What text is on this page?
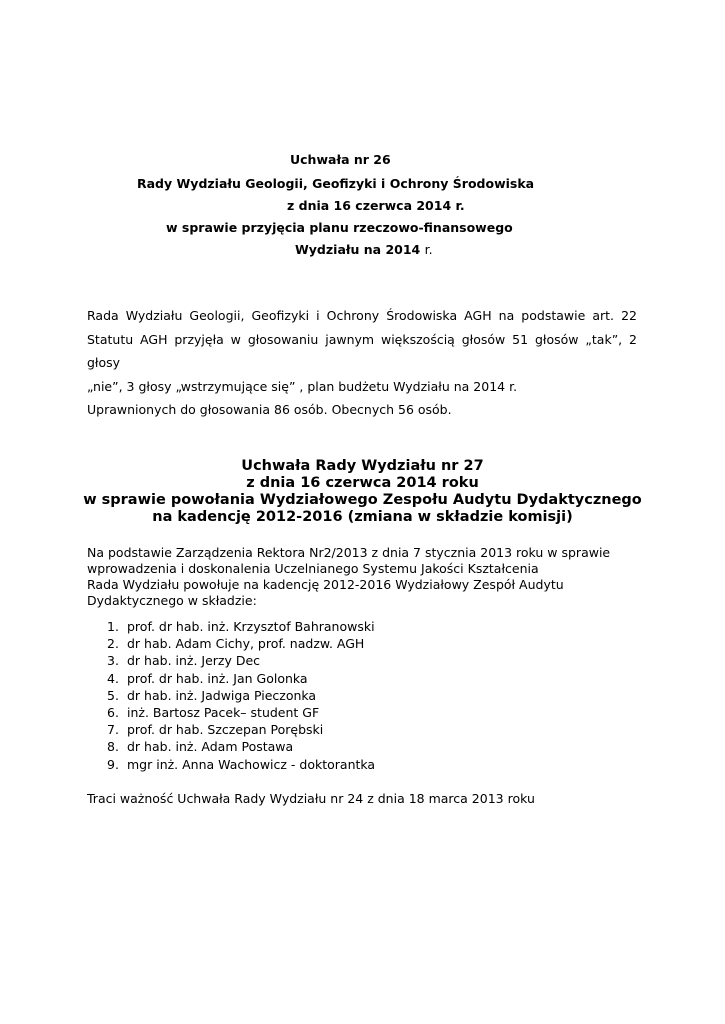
Uchwała nr 26
Rady Wydziału Geologii, Geofizyki i Ochrony Środowiska
z dnia 16 czerwca 2014 r.
w sprawie przyjęcia planu rzeczowo-finansowego
Wydziału na 2014 r.

Rada Wydziału Geologii, Geofizyki i Ochrony Środowiska AGH na podstawie art. 22

Statutu AGH przyjęła w głosowaniu jawnym większością głosów 51 głosów „tak”, 2 głosy

„nie”, 3 głosy „wstrzymujące się” , plan budżetu Wydziału na 2014 r.

Uprawnionych do głosowania 86 osób. Obecnych 56 osób.

Uchwała Rady Wydziału nr 27
z dnia 16 czerwca 2014 roku
w sprawie powołania Wydziałowego Zespołu Audytu Dydaktycznego
na kadencję 2012-2016 (zmiana w składzie komisji)
Na podstawie Zarządzenia Rektora Nr2/2013 z dnia 7 stycznia 2013 roku w sprawie
wprowadzenia i doskonalenia Uczelnianego Systemu Jakości Kształcenia
Rada Wydziału powołuje na kadencję 2012-2016 Wydziałowy Zespół Audytu
Dydaktycznego w składzie:
1. prof. dr hab. inż. Krzysztof Bahranowski
2. dr hab. Adam Cichy, prof. nadzw. AGH
3. dr hab. inż. Jerzy Dec
4. prof. dr hab. inż. Jan Golonka
5. dr hab. inż. Jadwiga Pieczonka
6. inż. Bartosz Pacek– student GF
7. prof. dr hab. Szczepan Porębski
8. dr hab. inż. Adam Postawa
9. mgr inż. Anna Wachowicz - doktorantka
Traci ważność Uchwała Rady Wydziału nr 24 z dnia 18 marca 2013 roku
